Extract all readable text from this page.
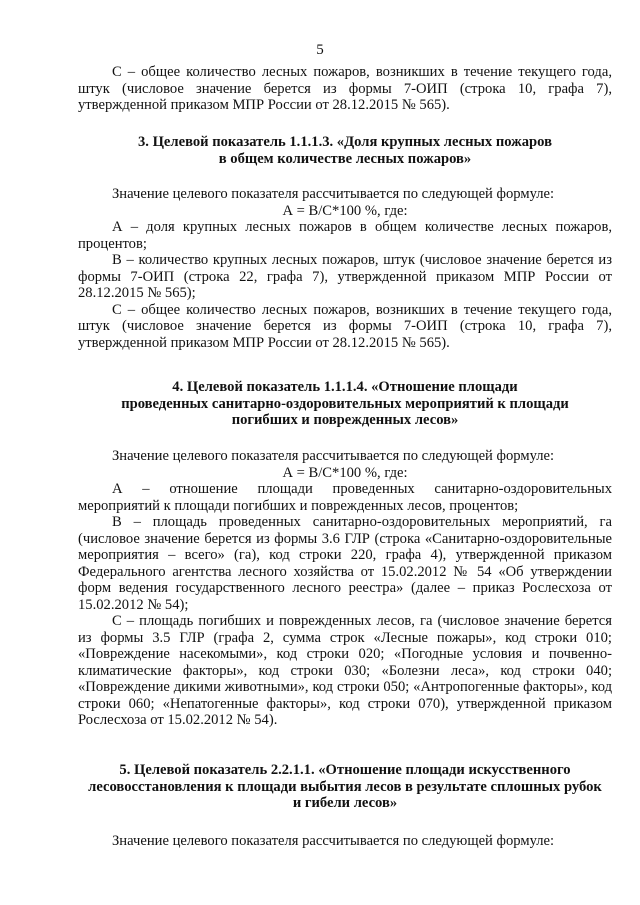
5

С – общее количество лесных пожаров, возникших в течение текущего года, штук (числовое значение берется из формы 7-ОИП (строка 10, графа 7), утвержденной приказом МПР России от 28.12.2015 № 565).

3. Целевой показатель 1.1.1.3. «Доля крупных лесных пожаров
в общем количестве лесных пожаров»

Значение целевого показателя рассчитывается по следующей формуле:

А = В/С*100 %, где:

А – доля крупных лесных пожаров в общем количестве лесных пожаров, процентов;

В – количество крупных лесных пожаров, штук (числовое значение берется из формы 7-ОИП (строка 22, графа 7), утвержденной приказом МПР России от 28.12.2015 № 565);

С – общее количество лесных пожаров, возникших в течение текущего года, штук (числовое значение берется из формы 7-ОИП (строка 10, графа 7), утвержденной приказом МПР России от 28.12.2015 № 565).

4. Целевой показатель 1.1.1.4. «Отношение площади
проведенных санитарно-оздоровительных мероприятий к площади
погибших и поврежденных лесов»

Значение целевого показателя рассчитывается по следующей формуле:

А = В/С*100 %, где:

А – отношение площади проведенных санитарно-оздоровительных мероприятий к площади погибших и поврежденных лесов, процентов;

В – площадь проведенных санитарно-оздоровительных мероприятий, га (числовое значение берется из формы 3.6 ГЛР (строка «Санитарно-оздоровительные мероприятия – всего» (га), код строки 220, графа 4), утвержденной приказом Федерального агентства лесного хозяйства от 15.02.2012 № 54 «Об утверждении форм ведения государственного лесного реестра» (далее – приказ Рослесхоза от 15.02.2012 № 54);

С – площадь погибших и поврежденных лесов, га (числовое значение берется из формы 3.5 ГЛР (графа 2, сумма строк «Лесные пожары», код строки 010; «Повреждение насекомыми», код строки 020; «Погодные условия и почвенно-климатические факторы», код строки 030; «Болезни леса», код строки 040; «Повреждение дикими животными», код строки 050; «Антропогенные факторы», код строки 060; «Непатогенные факторы», код строки 070), утвержденной приказом Рослесхоза от 15.02.2012 № 54).

5. Целевой показатель 2.2.1.1. «Отношение площади искусственного
лесовосстановления к площади выбытия лесов в результате сплошных рубок
и гибели лесов»

Значение целевого показателя рассчитывается по следующей формуле:
